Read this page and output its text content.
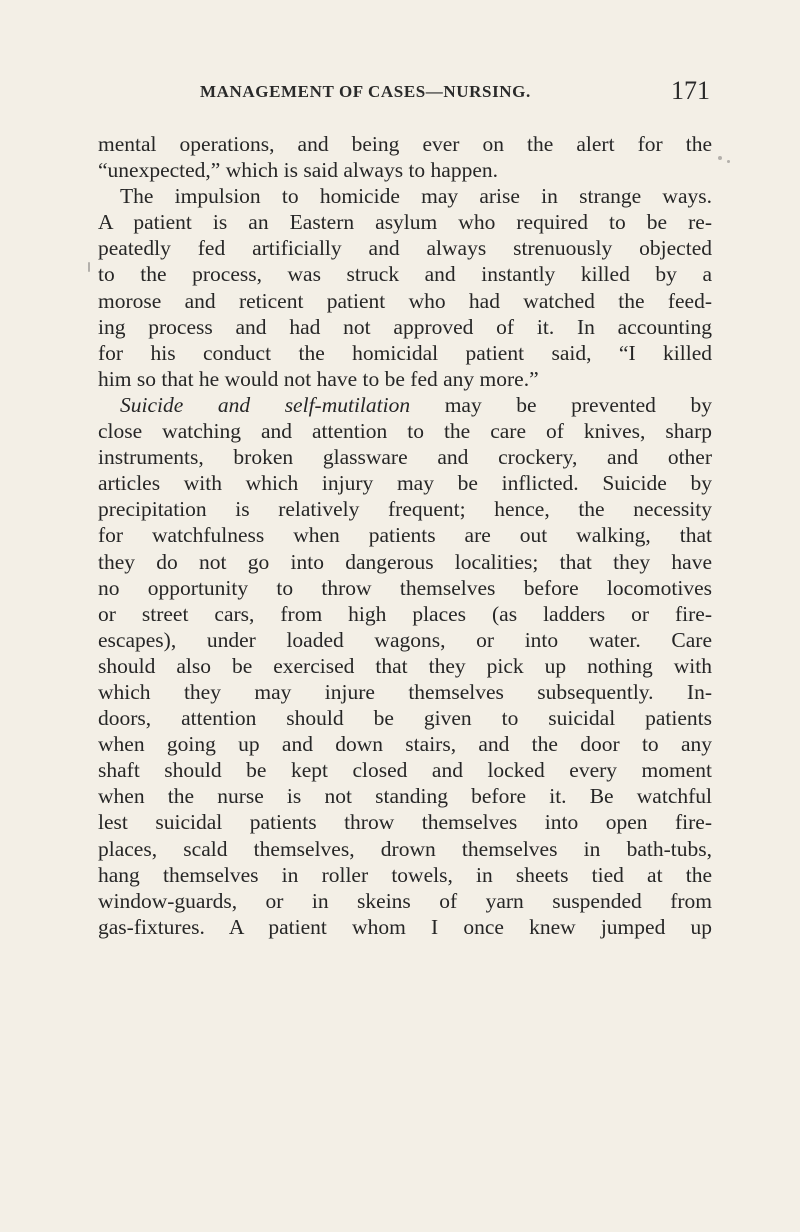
MANAGEMENT OF CASES—NURSING.	171
mental operations, and being ever on the alert for the
“unexpected,” which is said always to happen.
The impulsion to homicide may arise in strange ways.
A patient is an Eastern asylum who required to be re-
peatedly fed artificially and always strenuously objected
to the process, was struck and instantly killed by a
morose and reticent patient who had watched the feed-
ing process and had not approved of it. In accounting
for his conduct the homicidal patient said, “I killed
him so that he would not have to be fed any more.”
Suicide and self-mutilation may be prevented by
close watching and attention to the care of knives, sharp
instruments, broken glassware and crockery, and other
articles with which injury may be inflicted. Suicide by
precipitation is relatively frequent; hence, the necessity
for watchfulness when patients are out walking, that
they do not go into dangerous localities; that they have
no opportunity to throw themselves before locomotives
or street cars, from high places (as ladders or fire-
escapes), under loaded wagons, or into water. Care
should also be exercised that they pick up nothing with
which they may injure themselves subsequently. In-
doors, attention should be given to suicidal patients
when going up and down stairs, and the door to any
shaft should be kept closed and locked every moment
when the nurse is not standing before it. Be watchful
lest suicidal patients throw themselves into open fire-
places, scald themselves, drown themselves in bath-tubs,
hang themselves in roller towels, in sheets tied at the
window-guards, or in skeins of yarn suspended from
gas-fixtures. A patient whom I once knew jumped up
